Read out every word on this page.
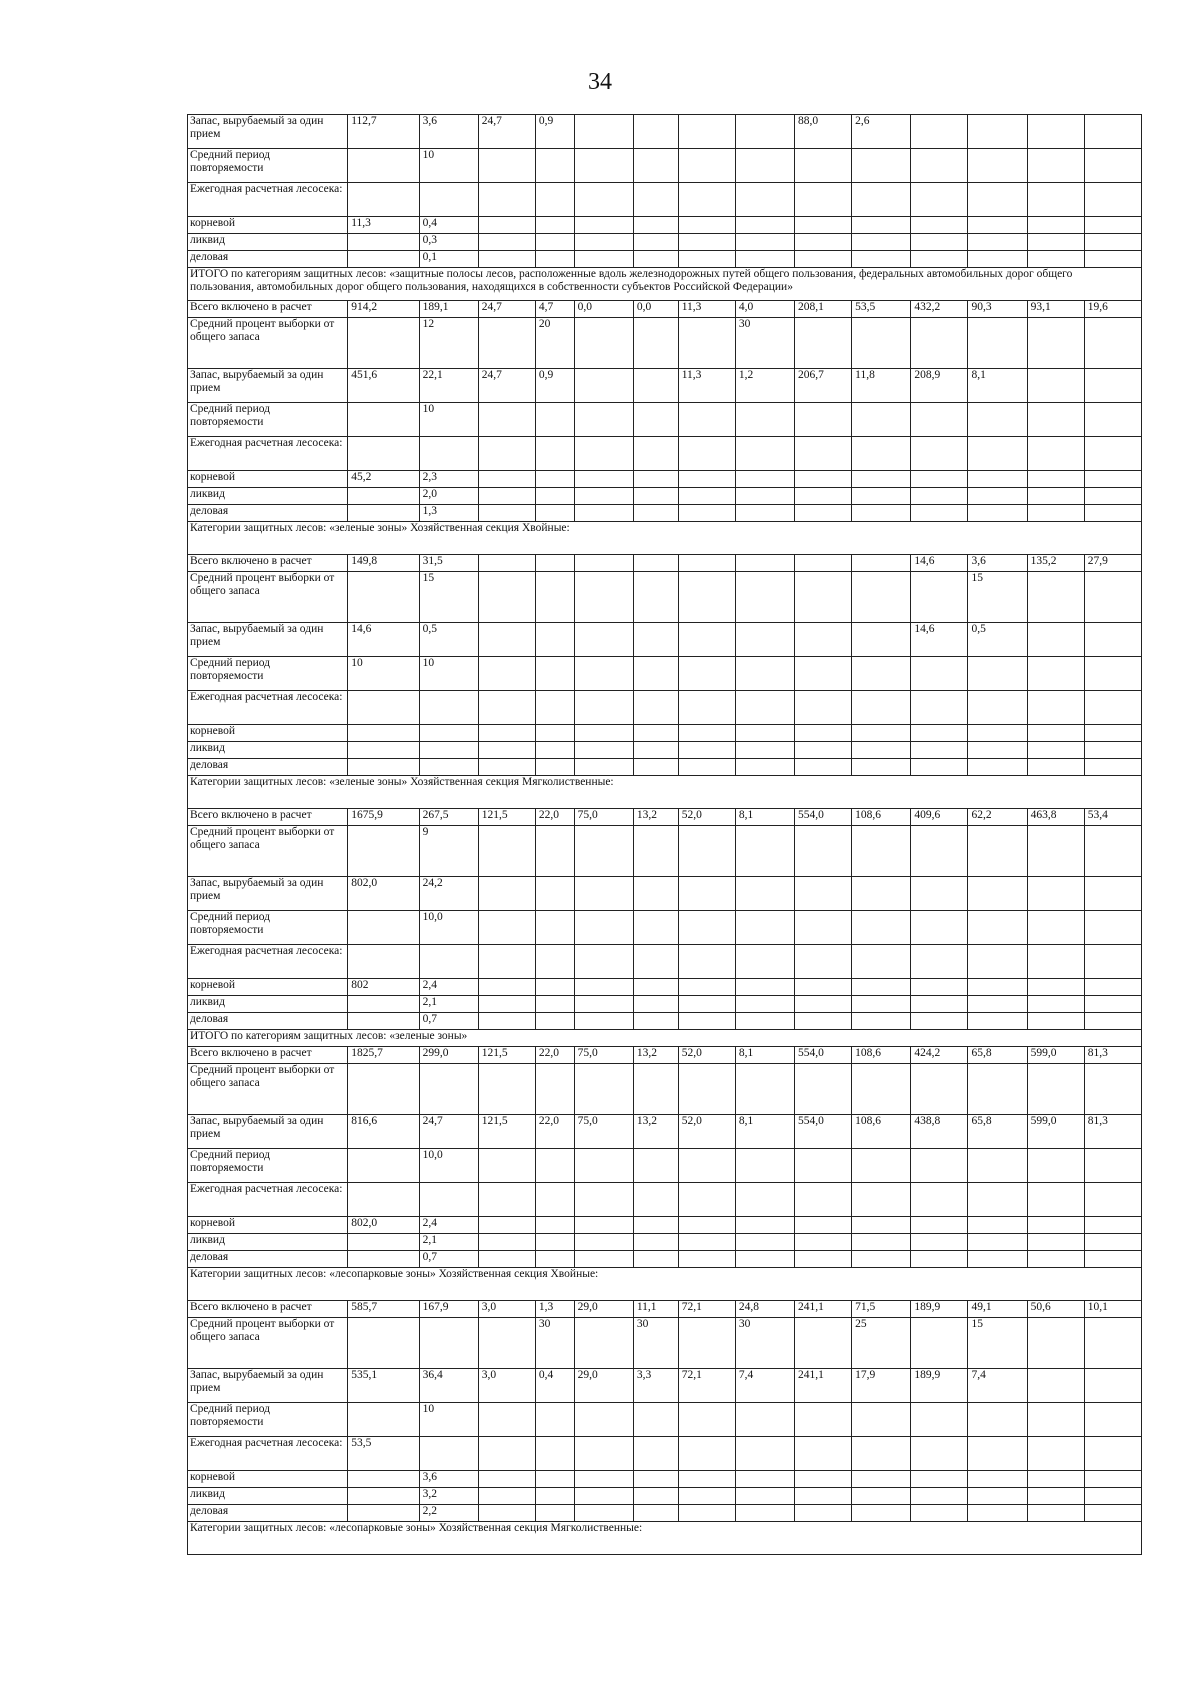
34
Запас, вырубаемый за один прием	112,7	3,6	24,7	0,9					88,0	2,6				
Средний период повторяемости		10												
Ежегодная расчетная лесосека:														
корневой	11,3	0,4												
ликвид		0,3												
деловая		0,1												
ИТОГО по категориям защитных лесов: «защитные полосы лесов, расположенные вдоль железнодорожных путей общего пользования, федеральных автомобильных дорог общего пользования, автомобильных дорог общего пользования, находящихся в собственности субъектов Российской Федерации»														
Всего включено в расчет	914,2	189,1	24,7	4,7	0,0	0,0	11,3	4,0	208,1	53,5	432,2	90,3	93,1	19,6
Средний процент выборки от общего запаса		12		20				30						
Запас, вырубаемый за один прием	451,6	22,1	24,7	0,9			11,3	1,2	206,7	11,8	208,9	8,1		
Средний период повторяемости		10												
Ежегодная расчетная лесосека:														
корневой	45,2	2,3												
ликвид		2,0												
деловая		1,3												
Категории защитных лесов: «зеленые зоны» Хозяйственная секция Хвойные:														
Всего включено в расчет	149,8	31,5									14,6	3,6	135,2	27,9
Средний процент выборки от общего запаса		15										15		
Запас, вырубаемый за один прием	14,6	0,5									14,6	0,5		
Средний период повторяемости	10	10												
Ежегодная расчетная лесосека:														
корневой														
ликвид														
деловая														
Категории защитных лесов: «зеленые зоны» Хозяйственная секция Мягколиственные:														
Всего включено в расчет	1675,9	267,5	121,5	22,0	75,0	13,2	52,0	8,1	554,0	108,6	409,6	62,2	463,8	53,4
Средний процент выборки от общего запаса		9												
Запас, вырубаемый за один прием	802,0	24,2												
Средний период повторяемости		10,0												
Ежегодная расчетная лесосека:														
корневой	802	2,4												
ликвид		2,1												
деловая		0,7												
ИТОГО по категориям защитных лесов: «зеленые зоны»														
Всего включено в расчет	1825,7	299,0	121,5	22,0	75,0	13,2	52,0	8,1	554,0	108,6	424,2	65,8	599,0	81,3
Средний процент выборки от общего запаса														
Запас, вырубаемый за один прием	816,6	24,7	121,5	22,0	75,0	13,2	52,0	8,1	554,0	108,6	438,8	65,8	599,0	81,3
Средний период повторяемости		10,0												
Ежегодная расчетная лесосека:														
корневой	802,0	2,4												
ликвид		2,1												
деловая		0,7												
Категории защитных лесов: «лесопарковые зоны» Хозяйственная секция Хвойные:														
Всего включено в расчет	585,7	167,9	3,0	1,3	29,0	11,1	72,1	24,8	241,1	71,5	189,9	49,1	50,6	10,1
Средний процент выборки от общего запаса				30		30		30		25		15		
Запас, вырубаемый за один прием	535,1	36,4	3,0	0,4	29,0	3,3	72,1	7,4	241,1	17,9	189,9	7,4		
Средний период повторяемости		10												
Ежегодная расчетная лесосека:	53,5													
корневой		3,6												
ликвид		3,2												
деловая		2,2												
Категории защитных лесов: «лесопарковые зоны» Хозяйственная секция Мягколиственные:														
